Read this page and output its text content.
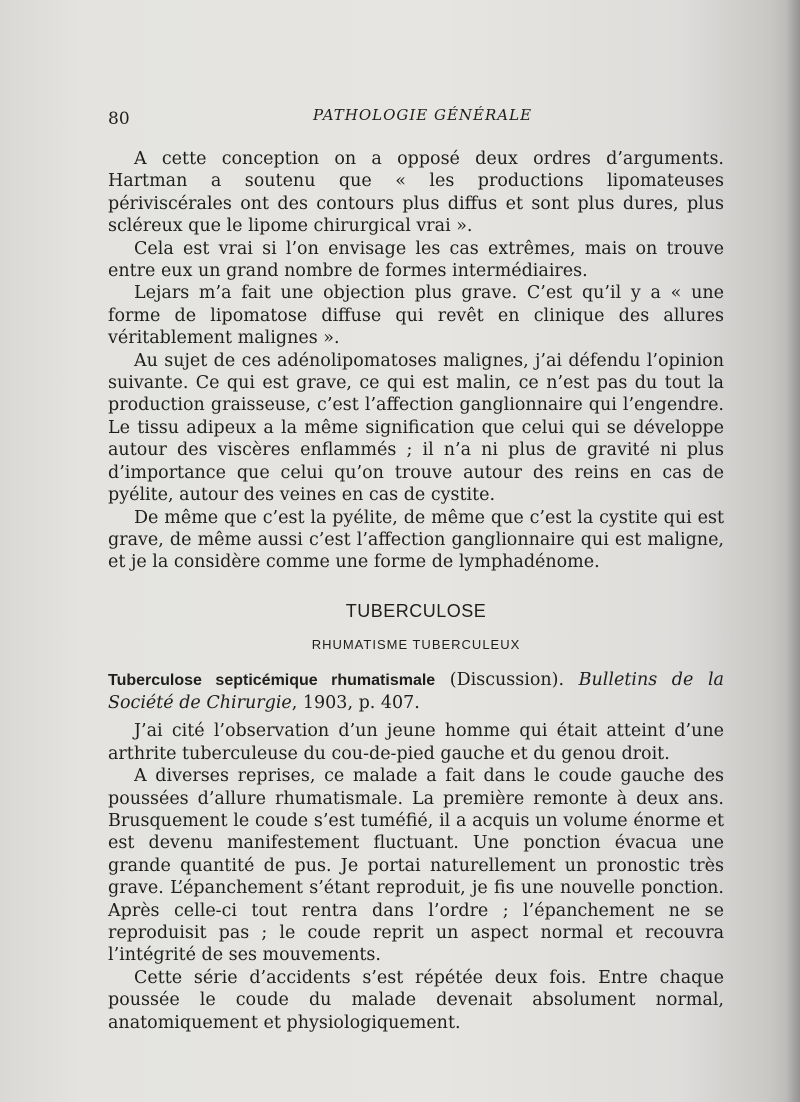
80	PATHOLOGIE GÉNÉRALE

A cette conception on a opposé deux ordres d’arguments. Hartman a soutenu que « les productions lipomateuses périviscérales ont des contours plus diffus et sont plus dures, plus scléreux que le lipome chirurgical vrai ».

Cela est vrai si l’on envisage les cas extrêmes, mais on trouve entre eux un grand nombre de formes intermédiaires.

Lejars m’a fait une objection plus grave. C’est qu’il y a « une forme de lipomatose diffuse qui revêt en clinique des allures véritablement malignes ».

Au sujet de ces adénolipomatoses malignes, j’ai défendu l’opinion suivante. Ce qui est grave, ce qui est malin, ce n’est pas du tout la production graisseuse, c’est l’affection ganglionnaire qui l’engendre. Le tissu adipeux a la même signification que celui qui se développe autour des viscères enflammés ; il n’a ni plus de gravité ni plus d’importance que celui qu’on trouve autour des reins en cas de pyélite, autour des veines en cas de cystite.

De même que c’est la pyélite, de même que c’est la cystite qui est grave, de même aussi c’est l’affection ganglionnaire qui est maligne, et je la considère comme une forme de lymphadénome.

TUBERCULOSE
RHUMATISME TUBERCULEUX

Tuberculose septicémique rhumatismale (Discussion). Bulletins de la Société de Chirurgie, 1903, p. 407.

J’ai cité l’observation d’un jeune homme qui était atteint d’une arthrite tuberculeuse du cou-de-pied gauche et du genou droit.

A diverses reprises, ce malade a fait dans le coude gauche des poussées d’allure rhumatismale. La première remonte à deux ans. Brusquement le coude s’est tuméfié, il a acquis un volume énorme et est devenu manifestement fluctuant. Une ponction évacua une grande quantité de pus. Je portai naturellement un pronostic très grave. L’épanchement s’étant reproduit, je fis une nouvelle ponction. Après celle-ci tout rentra dans l’ordre ; l’épanchement ne se reproduisit pas ; le coude reprit un aspect normal et recouvra l’intégrité de ses mouvements.

Cette série d’accidents s’est répétée deux fois. Entre chaque poussée le coude du malade devenait absolument normal, anatomiquement et physiologiquement.
